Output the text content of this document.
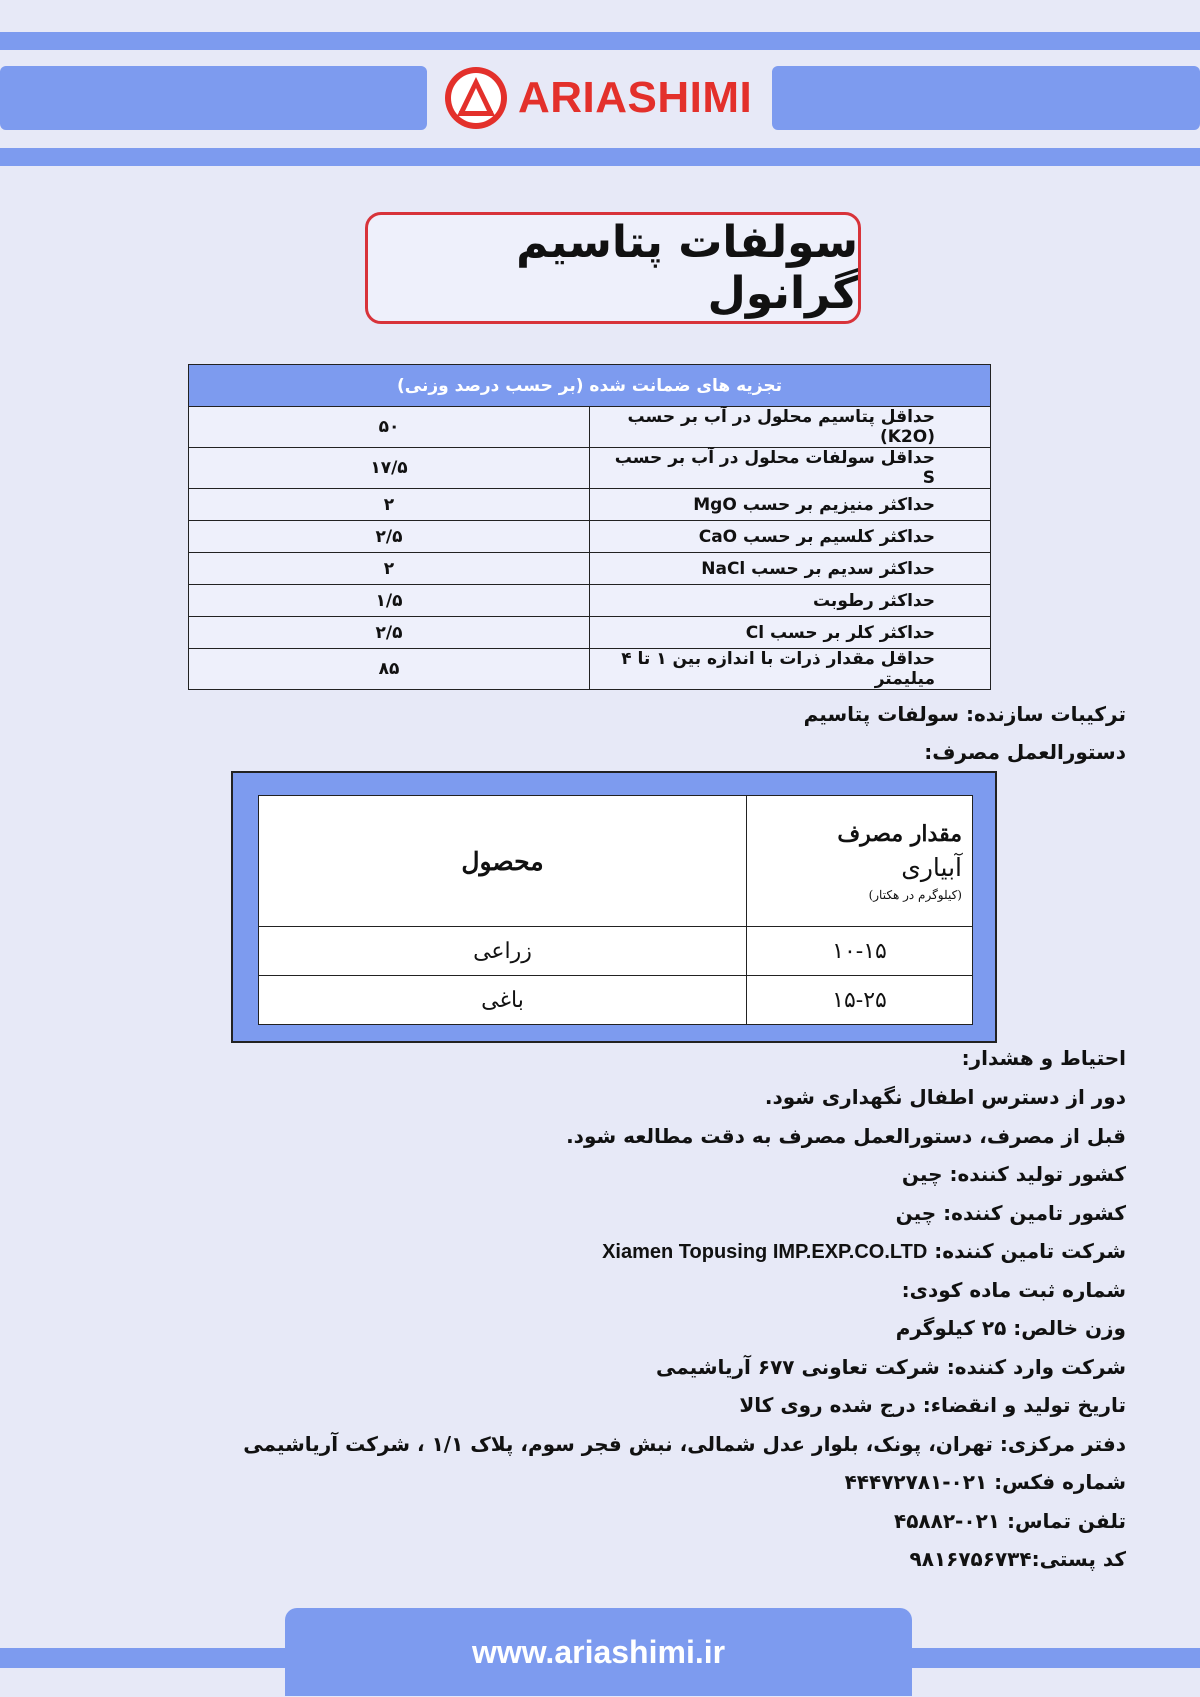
ARIASHIMI
سولفات پتاسیم گرانول
تجزیه های ضمانت شده (بر حسب درصد وزنی)	
۵۰	حداقل پتاسیم محلول در آب بر حسب (K2O)
۱۷/۵	حداقل سولفات محلول در آب بر حسب S
۲	حداکثر منیزیم بر حسب MgO
۲/۵	حداکثر کلسیم بر حسب CaO
۲	حداکثر سدیم بر حسب NaCl
۱/۵	حداکثر رطوبت
۲/۵	حداکثر کلر بر حسب Cl
۸۵	حداقل مقدار ذرات با اندازه بین ۱ تا ۴ میلیمتر
ترکیبات سازنده: سولفات پتاسیم
دستورالعمل مصرف:
محصول	مقدار مصرف
آبیاری
(کیلوگرم در هکتار)

زراعی	۱۰-۱۵
باغی	۱۵-۲۵
احتیاط و هشدار:
دور از دسترس اطفال نگهداری شود.
قبل از مصرف، دستورالعمل مصرف به دقت مطالعه شود.
کشور تولید کننده: چین
کشور تامین کننده: چین
شرکت تامین کننده: Xiamen Topusing IMP.EXP.CO.LTD
شماره ثبت ماده کودی:
وزن خالص: ۲۵ کیلوگرم
شرکت وارد کننده: شرکت تعاونی ۶۷۷ آریاشیمی
تاریخ تولید و انقضاء: درج شده روی کالا
دفتر مرکزی: تهران، پونک، بلوار عدل شمالی، نبش فجر سوم، پلاک ۱/۱ ، شرکت آریاشیمی
شماره فکس: ۰۲۱-۴۴۴۷۲۷۸۱
تلفن تماس: ۰۲۱-۴۵۸۸۲
کد پستی:۹۸۱۶۷۵۶۷۳۴
www.ariashimi.ir
